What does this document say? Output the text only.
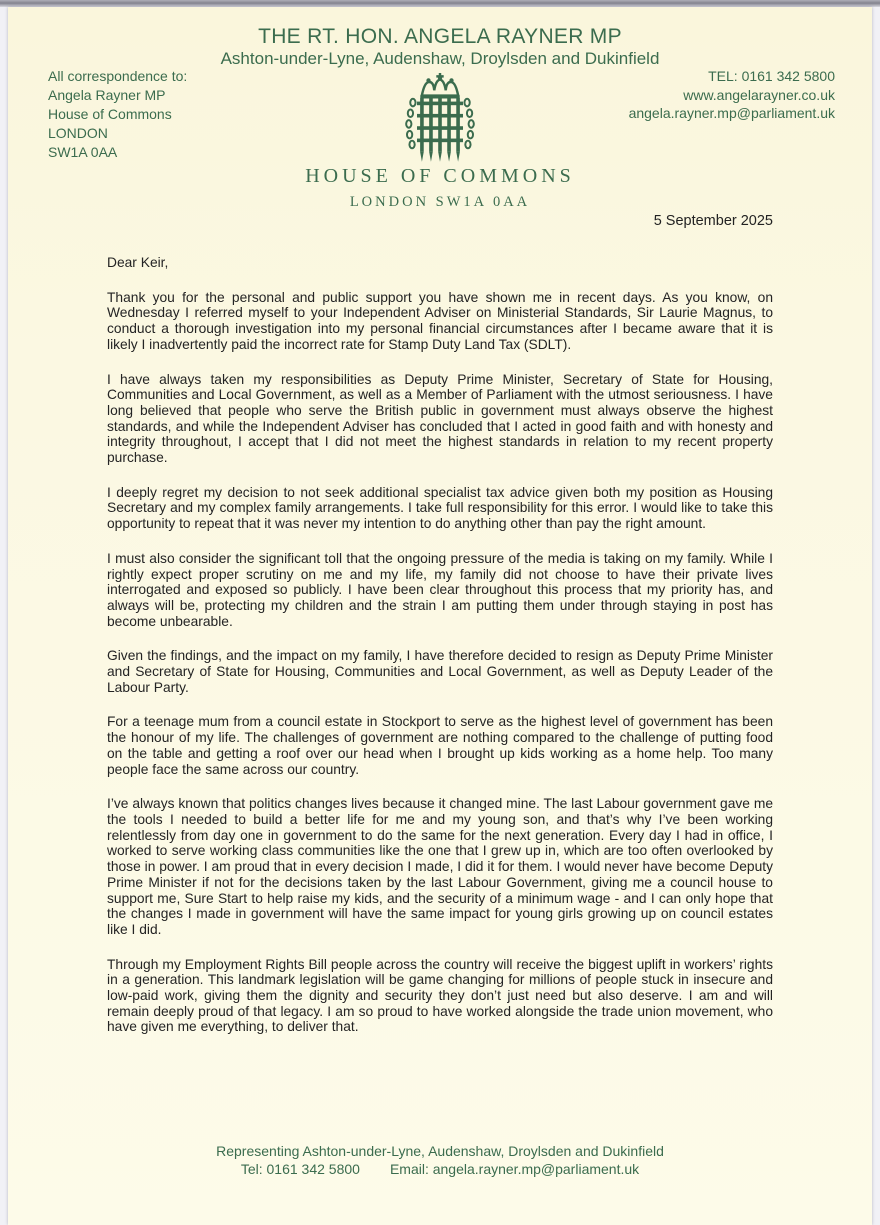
THE RT. HON. ANGELA RAYNER MP
Ashton-under-Lyne, Audenshaw, Droylsden and Dukinfield
All correspondence to:
Angela Rayner MP
House of Commons
LONDON
SW1A 0AA
TEL: 0161 342 5800
www.angelarayner.co.uk
angela.rayner.mp@parliament.uk
HOUSE OF COMMONS
LONDON SW1A 0AA
5 September 2025

Dear Keir,

Thank you for the personal and public support you have shown me in recent days. As you know, on Wednesday I referred myself to your Independent Adviser on Ministerial Standards, Sir Laurie Magnus, to conduct a thorough investigation into my personal financial circumstances after I became aware that it is likely I inadvertently paid the incorrect rate for Stamp Duty Land Tax (SDLT).

I have always taken my responsibilities as Deputy Prime Minister, Secretary of State for Housing, Communities and Local Government, as well as a Member of Parliament with the utmost seriousness. I have long believed that people who serve the British public in government must always observe the highest standards, and while the Independent Adviser has concluded that I acted in good faith and with honesty and integrity throughout, I accept that I did not meet the highest standards in relation to my recent property purchase.

I deeply regret my decision to not seek additional specialist tax advice given both my position as Housing Secretary and my complex family arrangements. I take full responsibility for this error. I would like to take this opportunity to repeat that it was never my intention to do anything other than pay the right amount.

I must also consider the significant toll that the ongoing pressure of the media is taking on my family. While I rightly expect proper scrutiny on me and my life, my family did not choose to have their private lives interrogated and exposed so publicly. I have been clear throughout this process that my priority has, and always will be, protecting my children and the strain I am putting them under through staying in post has become unbearable.

Given the findings, and the impact on my family, I have therefore decided to resign as Deputy Prime Minister and Secretary of State for Housing, Communities and Local Government, as well as Deputy Leader of the Labour Party.

For a teenage mum from a council estate in Stockport to serve as the highest level of government has been the honour of my life. The challenges of government are nothing compared to the challenge of putting food on the table and getting a roof over our head when I brought up kids working as a home help. Too many people face the same across our country.

I’ve always known that politics changes lives because it changed mine. The last Labour government gave me the tools I needed to build a better life for me and my young son, and that’s why I’ve been working relentlessly from day one in government to do the same for the next generation. Every day I had in office, I worked to serve working class communities like the one that I grew up in, which are too often overlooked by those in power. I am proud that in every decision I made, I did it for them. I would never have become Deputy Prime Minister if not for the decisions taken by the last Labour Government, giving me a council house to support me, Sure Start to help raise my kids, and the security of a minimum wage - and I can only hope that the changes I made in government will have the same impact for young girls growing up on council estates like I did.

Through my Employment Rights Bill people across the country will receive the biggest uplift in workers’ rights in a generation. This landmark legislation will be game changing for millions of people stuck in insecure and low-paid work, giving them the dignity and security they don’t just need but also deserve. I am and will remain deeply proud of that legacy. I am so proud to have worked alongside the trade union movement, who have given me everything, to deliver that.

Representing Ashton-under-Lyne, Audenshaw, Droylsden and Dukinfield
Tel: 0161 342 5800 Email: angela.rayner.mp@parliament.uk
